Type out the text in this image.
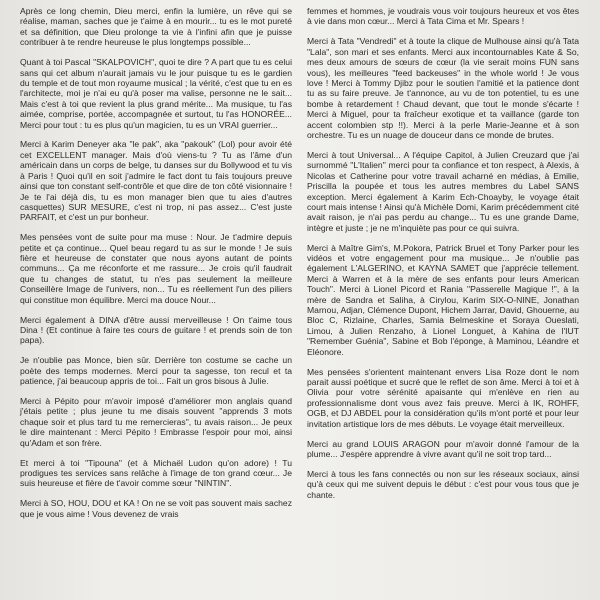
Après ce long chemin, Dieu merci, enfin la lumière, un rêve qui se réalise, maman, saches que je t'aime à en mourir... tu es le mot pureté et sa définition, que Dieu prolonge ta vie à l'infini afin que je puisse contribuer à te rendre heureuse le plus longtemps possible...

Quant à toi Pascal "SKALPOVICH", quoi te dire ? A part que tu es celui sans qui cet album n'aurait jamais vu le jour puisque tu es le gardien du temple et de tout mon royaume musical ; la vérité, c'est que tu en es l'architecte, moi je n'ai eu qu'à poser ma valise, personne ne le sait... Mais c'est à toi que revient la plus grand mérite... Ma musique, tu l'as aimée, comprise, portée, accompagnée et surtout, tu l'as HONORÉE... Merci pour tout : tu es plus qu'un magicien, tu es un VRAI guerrier...

Merci à Karim Deneyer aka "le pak", aka "pakouk" (Lol) pour avoir été cet EXCELLENT manager. Mais d'où viens-tu ? Tu as l'âme d'un américain dans un corps de belge, tu danses sur du Bollywood et tu vis à Paris ! Quoi qu'il en soit j'admire le fact dont tu fais toujours preuve ainsi que ton constant self-contrôle et que dire de ton côté visionnaire ! Je te l'ai déjà dis, tu es mon manager bien que tu aies d'autres casquettes) SUR MESURE, c'est ni trop, ni pas assez... C'est juste PARFAIT, et c'est un pur bonheur.

Mes pensées vont de suite pour ma muse : Nour. Je t'admire depuis petite et ça continue... Quel beau regard tu as sur le monde ! Je suis fière et heureuse de constater que nous ayons autant de points communs... Ça me réconforte et me rassure... Je crois qu'il faudrait que tu changes de statut, tu n'es pas seulement la meilleure Conseillère Image de l'univers, non... Tu es réellement l'un des piliers qui constitue mon équilibre. Merci ma douce Nour...

Merci également à DINA d'être aussi merveilleuse ! On t'aime tous Dina ! (Et continue à faire tes cours de guitare ! et prends soin de ton papa).

Je n'oublie pas Monce, bien sûr. Derrière ton costume se cache un poète des temps modernes. Merci pour ta sagesse, ton recul et ta patience, j'ai beaucoup appris de toi... Fait un gros bisous à Julie.

Merci à Pépito pour m'avoir imposé d'améliorer mon anglais quand j'étais petite ; plus jeune tu me disais souvent "apprends 3 mots chaque soir et plus tard tu me remercieras", tu avais raison... Je peux le dire maintenant : Merci Pépito ! Embrasse l'espoir pour moi, ainsi qu'Adam et son frère.

Et merci à toi "Tipouna" (et à Michaël Ludon qu'on adore) ! Tu prodigues tes services sans relâche à l'image de ton grand cœur... Je suis heureuse et fière de t'avoir comme sœur "NINTIN".

Merci à SO, HOU, DOU et KA ! On ne se voit pas souvent mais sachez que je vous aime ! Vous devenez de vrais

femmes et hommes, je voudrais vous voir toujours heureux et vos êtes à vie dans mon cœur... Merci à Tata Cima et Mr. Spears !

Merci à Tata "Vendredi" et à toute la clique de Mulhouse ainsi qu'à Tata "Lala", son mari et ses enfants. Merci aux incontournables Kate & So, mes deux amours de sœurs de cœur (la vie serait moins FUN sans vous), les meilleures "feed backeuses" in the whole world ! Je vous love ! Merci à Tommy Djibz pour le soutien l'amitié et la patience dont tu as su faire preuve. Je t'annonce, au vu de ton potentiel, tu es une bombe à retardement ! Chaud devant, que tout le monde s'écarte ! Merci à Miguel, pour ta fraîcheur exotique et ta vaillance (garde ton accent colombien stp !!). Merci à la perle Marie-Jeanne et à son orchestre. Tu es un nuage de douceur dans ce monde de brutes.

Merci à tout Universal... A l'équipe Capitol, à Julien Creuzard que j'ai surnommé "L'Italien" merci pour ta confiance et ton respect, à Alexis, à Nicolas et Catherine pour votre travail acharné en médias, à Emilie, Priscilla la poupée et tous les autres membres du Label SANS exception. Merci également à Karim Ech-Choayby, le voyage était court mais intense ! Ainsi qu'à Michèle Domi, Karim précédemment cité avait raison, je n'ai pas perdu au change... Tu es une grande Dame, intègre et juste ; je ne m'inquiète pas pour ce qui suivra.

Merci à Maître Gim's, M.Pokora, Patrick Bruel et Tony Parker pour les vidéos et votre engagement pour ma musique... Je n'oublie pas également L'ALGERINO, et KAYNA SAMET que j'apprécie tellement. Merci à Warren et à la mère de ses enfants pour leurs American Touch". Merci à Lionel Picord et Rania "Passerelle Magique !", à la mère de Sandra et Saliha, à Cirylou, Karim SIX-O-NINE, Jonathan Marnou, Adjan, Clémence Dupont, Hichem Jarrar, David, Ghouerne, au Bloc C, Rizlaine, Charles, Samia Belmeskine et Soraya Oueslati, Limou, à Julien Renzaho, à Lionel Longuet, à Kahina de l'IUT "Remember Guénia", Sabine et Bob l'éponge, à Maminou, Léandre et Eléonore.

Mes pensées s'orientent maintenant envers Lisa Roze dont le nom parait aussi poétique et sucré que le reflet de son âme. Merci à toi et à Olivia pour votre sérénité apaisante qui m'enlève en rien au professionnalisme dont vous avez fais preuve. Merci à IK, ROHFF, OGB, et DJ ABDEL pour la considération qu'ils m'ont porté et pour leur invitation artistique lors de mes débuts. Le voyage était merveilleux.

Merci au grand LOUIS ARAGON pour m'avoir donné l'amour de la plume... J'espère apprendre à vivre avant qu'il ne soit trop tard...

Merci à tous les fans connectés ou non sur les réseaux sociaux, ainsi qu'à ceux qui me suivent depuis le début : c'est pour vous tous que je chante.
